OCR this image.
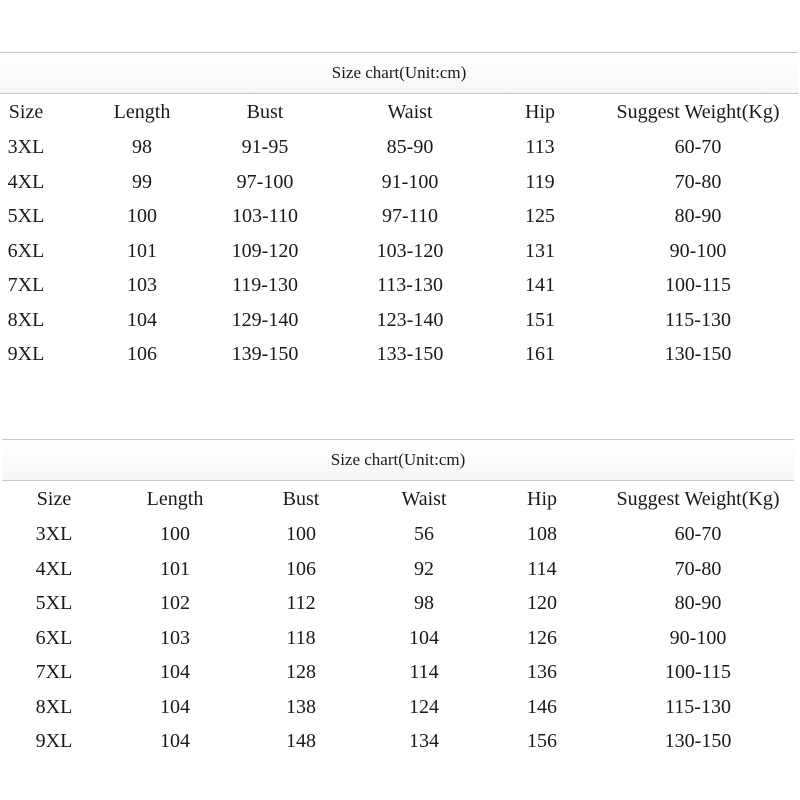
Size chart(Unit:cm)
Size	Length	Bust	Waist	Hip	Suggest Weight(Kg)
3XL	98	91-95	85-90	113	60-70
4XL	99	97-100	91-100	119	70-80
5XL	100	103-110	97-110	125	80-90
6XL	101	109-120	103-120	131	90-100
7XL	103	119-130	113-130	141	100-115
8XL	104	129-140	123-140	151	115-130
9XL	106	139-150	133-150	161	130-150
Size chart(Unit:cm)
Size	Length	Bust	Waist	Hip	Suggest Weight(Kg)
3XL	100	100	56	108	60-70
4XL	101	106	92	114	70-80
5XL	102	112	98	120	80-90
6XL	103	118	104	126	90-100
7XL	104	128	114	136	100-115
8XL	104	138	124	146	115-130
9XL	104	148	134	156	130-150
